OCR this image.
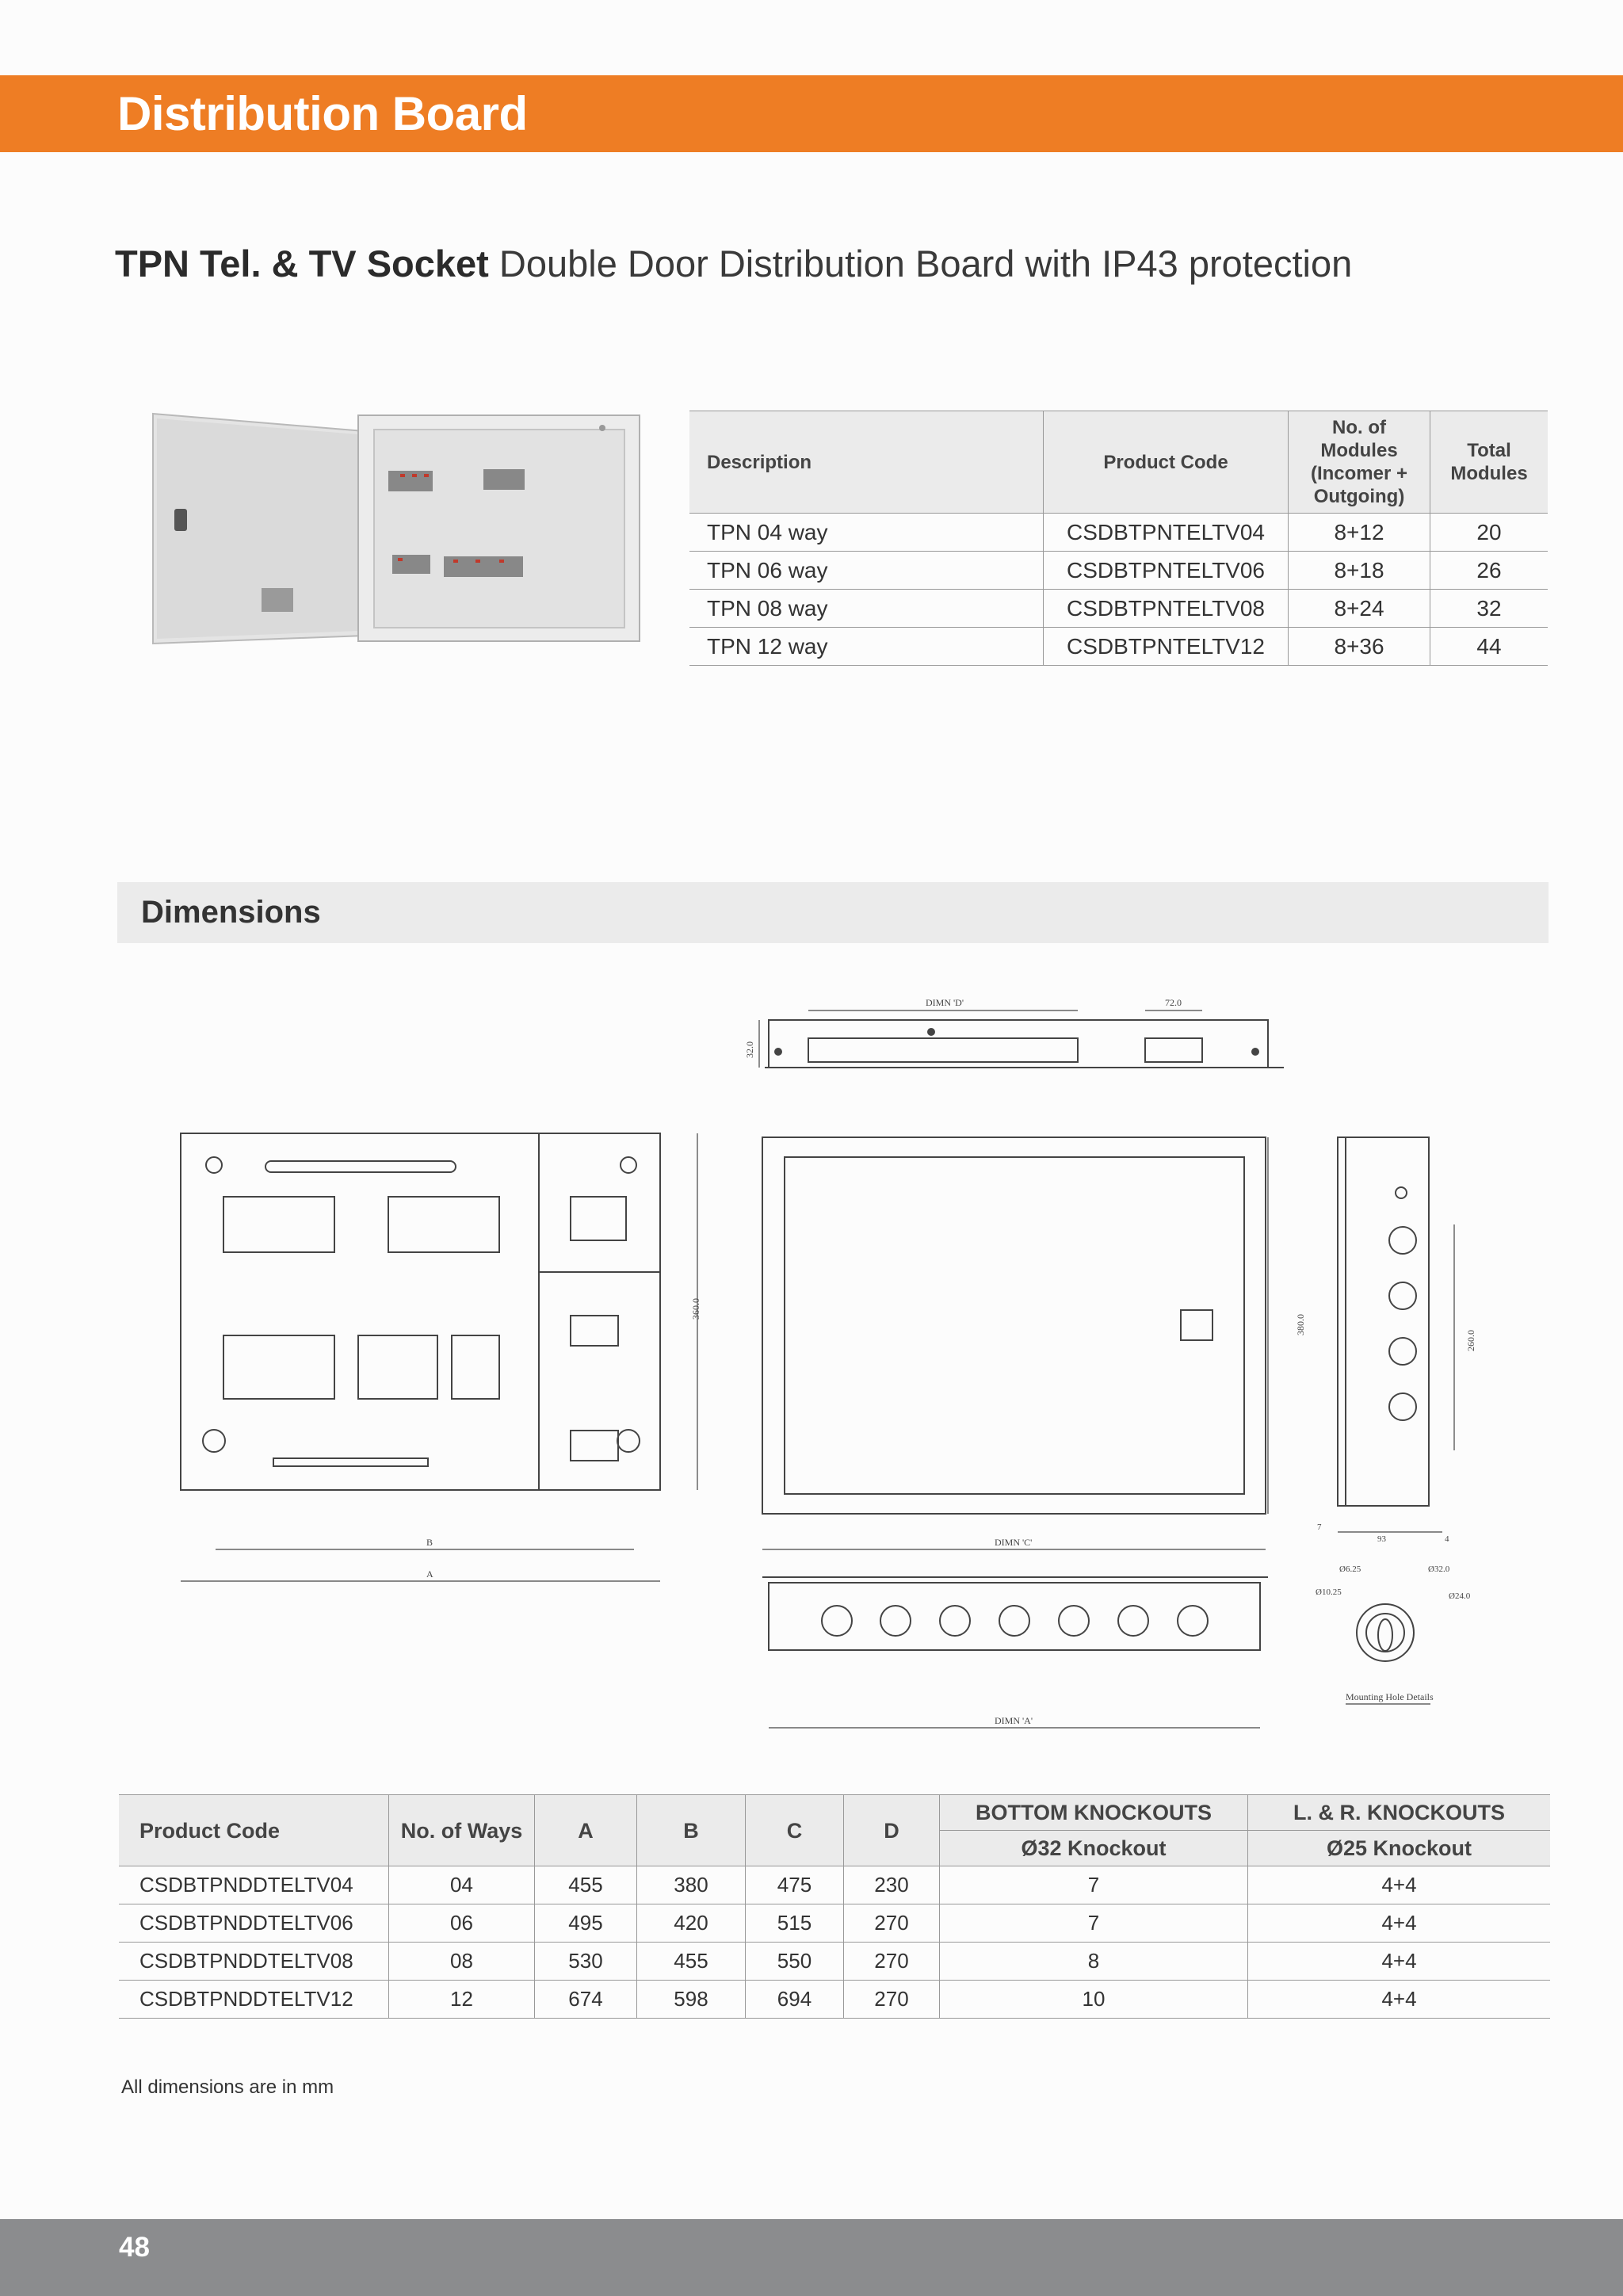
Distribution Board
TPN Tel. & TV Socket Double Door Distribution Board with IP43 protection
Description	Product Code	No. of Modules (Incomer + Outgoing)	Total Modules
TPN 04 way	CSDBTPNTELTV04	8+12	20
TPN 06 way	CSDBTPNTELTV06	8+18	26
TPN 08 way	CSDBTPNTELTV08	8+24	32
TPN 12 way	CSDBTPNTELTV12	8+36	44
Dimensions
DIMN 'D'	72.0
32.0
360.0
B
A
380.0
DIMN 'C'
260.0
7
93	4
DIMN 'A'
Ø6.25	Ø32.0
Ø10.25	Ø24.0
Mounting Hole Details
Product Code	No. of Ways	A	B	C	D	BOTTOM KNOCKOUTS	L. & R. KNOCKOUTS
						Ø32 Knockout	Ø25 Knockout
CSDBTPNDDTELTV04	04	455	380	475	230	7	4+4
CSDBTPNDDTELTV06	06	495	420	515	270	7	4+4
CSDBTPNDDTELTV08	08	530	455	550	270	8	4+4
CSDBTPNDDTELTV12	12	674	598	694	270	10	4+4
All dimensions are in mm
48
